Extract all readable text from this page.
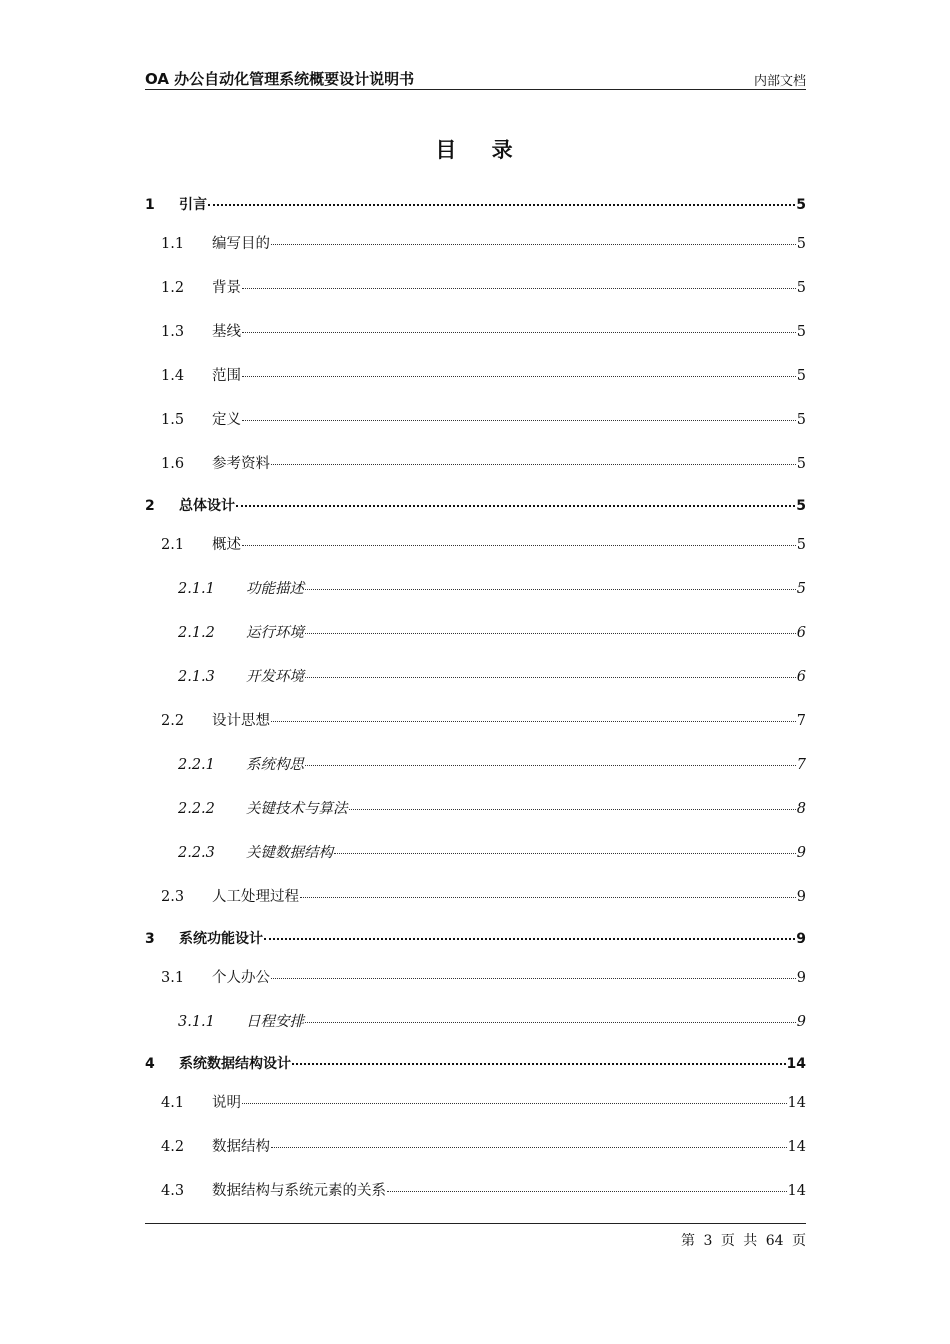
OA 办公自动化管理系统概要设计说明书	内部文档
目 录
1	引言	5
1.1	编写目的	5
1.2	背景	5
1.3	基线	5
1.4	范围	5
1.5	定义	5
1.6	参考资料	5
2	总体设计	5
2.1	概述	5
2.1.1	功能描述	5
2.1.2	运行环境	6
2.1.3	开发环境	6
2.2	设计思想	7
2.2.1	系统构思	7
2.2.2	关键技术与算法	8
2.2.3	关键数据结构	9
2.3	人工处理过程	9
3	系统功能设计	9
3.1	个人办公	9
3.1.1	日程安排	9
4	系统数据结构设计	14
4.1	说明	14
4.2	数据结构	14
4.3	数据结构与系统元素的关系	14
第 3 页 共 64 页
